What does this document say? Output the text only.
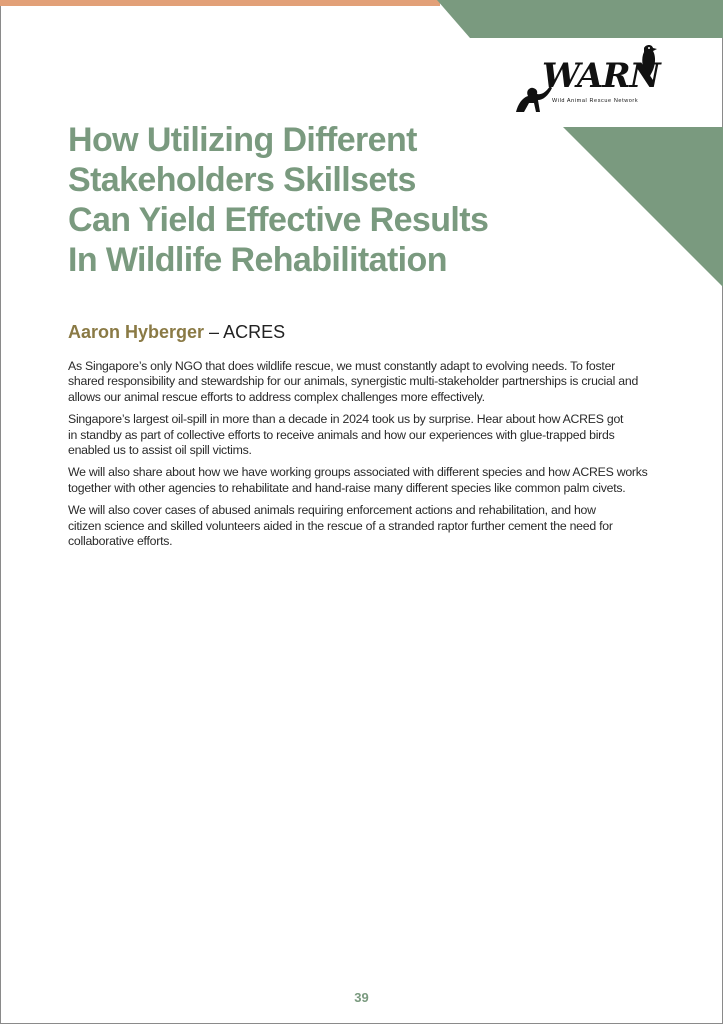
WARN
Wild Animal Rescue Network
How Utilizing Different
Stakeholders Skillsets
Can Yield Effective Results
In Wildlife Rehabilitation

Aaron Hyberger – ACRES

As Singapore’s only NGO that does wildlife rescue, we must constantly adapt to evolving needs. To foster
shared responsibility and stewardship for our animals, synergistic multi-stakeholder partnerships is crucial and
allows our animal rescue efforts to address complex challenges more effectively.

Singapore’s largest oil-spill in more than a decade in 2024 took us by surprise. Hear about how ACRES got
in standby as part of collective efforts to receive animals and how our experiences with glue-trapped birds
enabled us to assist oil spill victims.

We will also share about how we have working groups associated with different species and how ACRES works
together with other agencies to rehabilitate and hand-raise many different species like common palm civets.

We will also cover cases of abused animals requiring enforcement actions and rehabilitation, and how
citizen science and skilled volunteers aided in the rescue of a stranded raptor further cement the need for
collaborative efforts.

39
